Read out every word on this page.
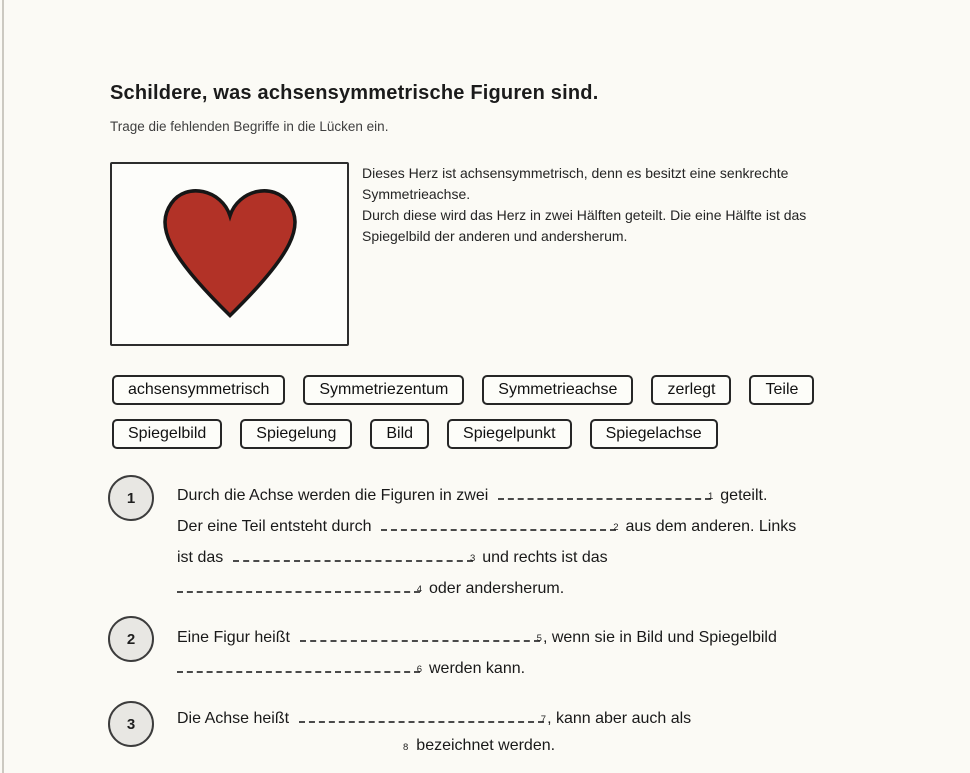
Schildere, was achsensymmetrische Figuren sind.
Trage die fehlenden Begriffe in die Lücken ein.
Dieses Herz ist achsensymmetrisch, denn es besitzt eine senkrechte Symmetrieachse.
Durch diese wird das Herz in zwei Hälften geteilt. Die eine Hälfte ist das Spiegelbild der anderen und andersherum.
achsensymmetrisch	Symmetriezentum	Symmetrieachse	zerlegt	Teile
Spiegelbild	Spiegelung	Bild	Spiegelpunkt	Spiegelachse
1	Durch die Achse werden die Figuren in zwei	1 geteilt.
Der eine Teil entsteht durch	2 aus dem anderen. Links
ist das	3 und rechts ist das
4 oder andersherum.
2	Eine Figur heißt	5 , wenn sie in Bild und Spiegelbild
6 werden kann.
3	Die Achse heißt	7 , kann aber auch als
8 bezeichnet werden.
